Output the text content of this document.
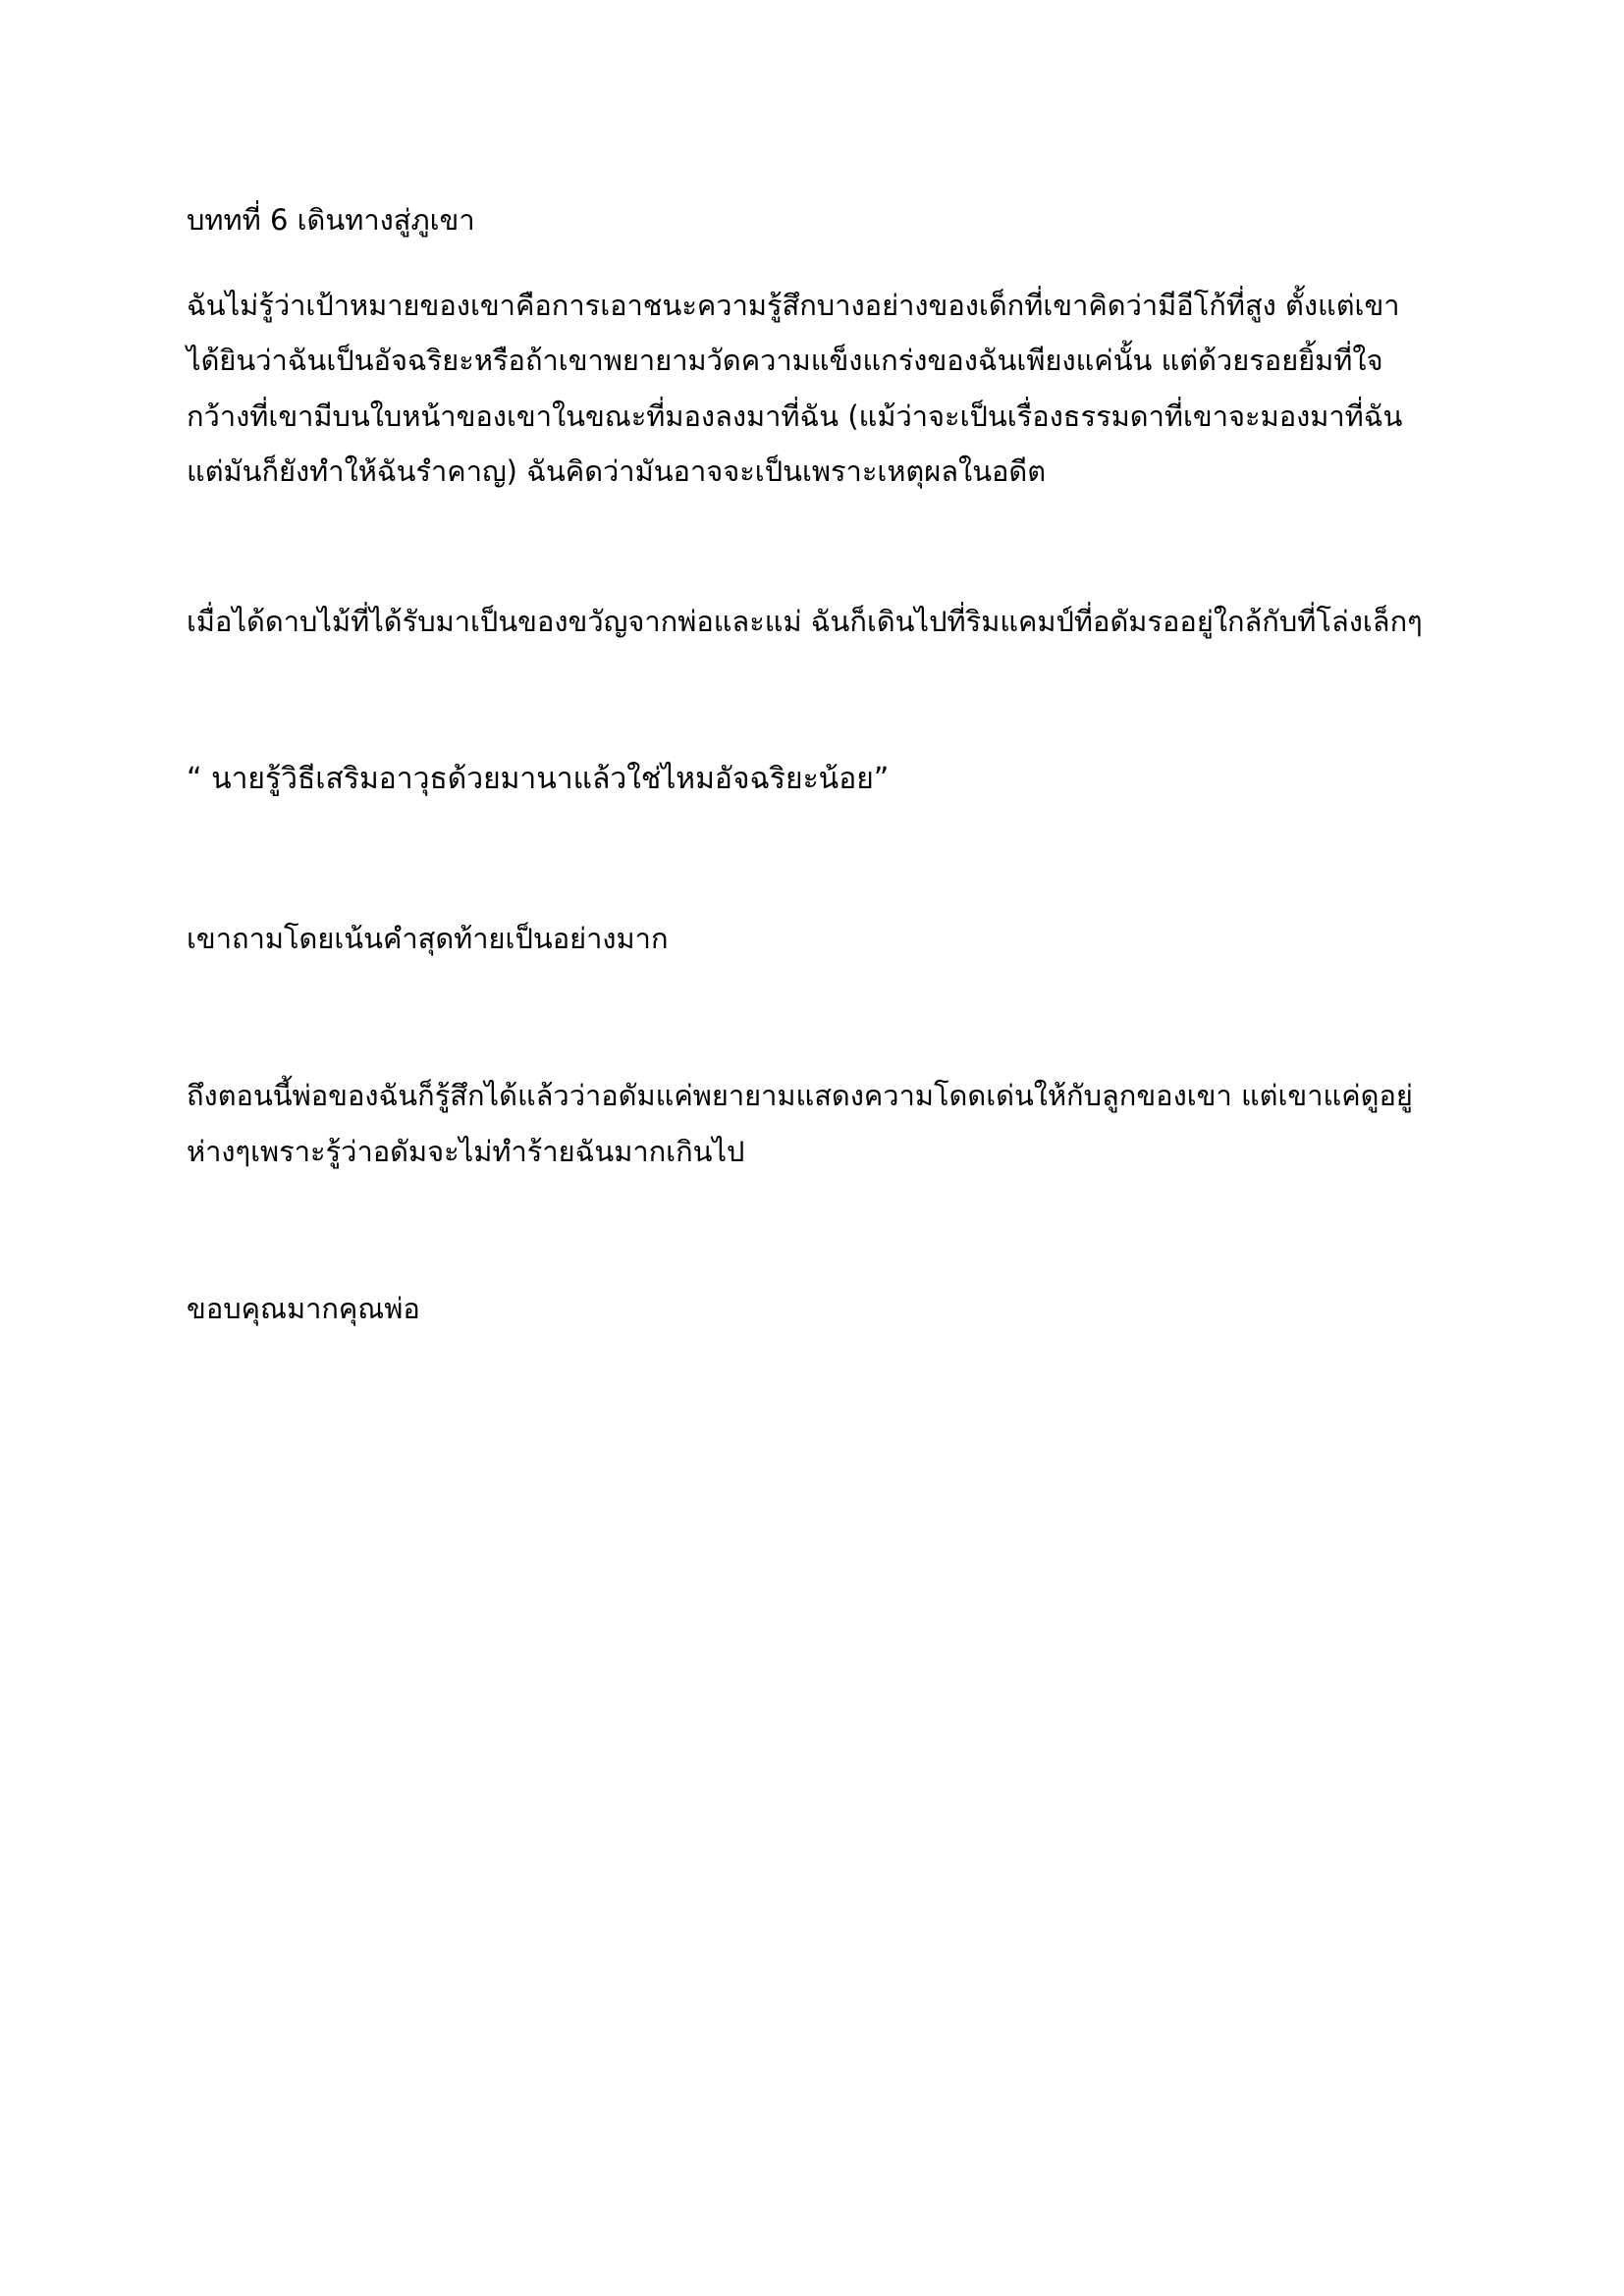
บททที่ 6 เดินทางสู่ภูเขา

ฉันไม่รู้ว่าเป้าหมายของเขาคือการเอาชนะความรู้สึกบางอย่างของเด็กที่เขาคิดว่ามีอีโก้ที่สูง ตั้งแต่เขาได้ยินว่าฉันเป็นอัจฉริยะหรือถ้าเขาพยายามวัดความแข็งแกร่งของฉันเพียงแค่นั้น แต่ด้วยรอยยิ้มที่ใจกว้างที่เขามีบนใบหน้าของเขาในขณะที่มองลงมาที่ฉัน (แม้ว่าจะเป็นเรื่องธรรมดาที่เขาจะมองมาที่ฉัน แต่มันก็ยังทำให้ฉันรำคาญ) ฉันคิดว่ามันอาจจะเป็นเพราะเหตุผลในอดีต

เมื่อได้ดาบไม้ที่ได้รับมาเป็นของขวัญจากพ่อและแม่ ฉันก็เดินไปที่ริมแคมป์ที่อดัมรออยู่ใกล้กับที่โล่งเล็กๆ

“ นายรู้วิธีเสริมอาวุธด้วยมานาแล้วใช่ไหมอัจฉริยะน้อย”

เขาถามโดยเน้นคำสุดท้ายเป็นอย่างมาก

ถึงตอนนี้พ่อของฉันก็รู้สึกได้แล้วว่าอดัมแค่พยายามแสดงความโดดเด่นให้กับลูกของเขา แต่เขาแค่ดูอยู่ห่างๆเพราะรู้ว่าอดัมจะไม่ทำร้ายฉันมากเกินไป

ขอบคุณมากคุณพ่อ
